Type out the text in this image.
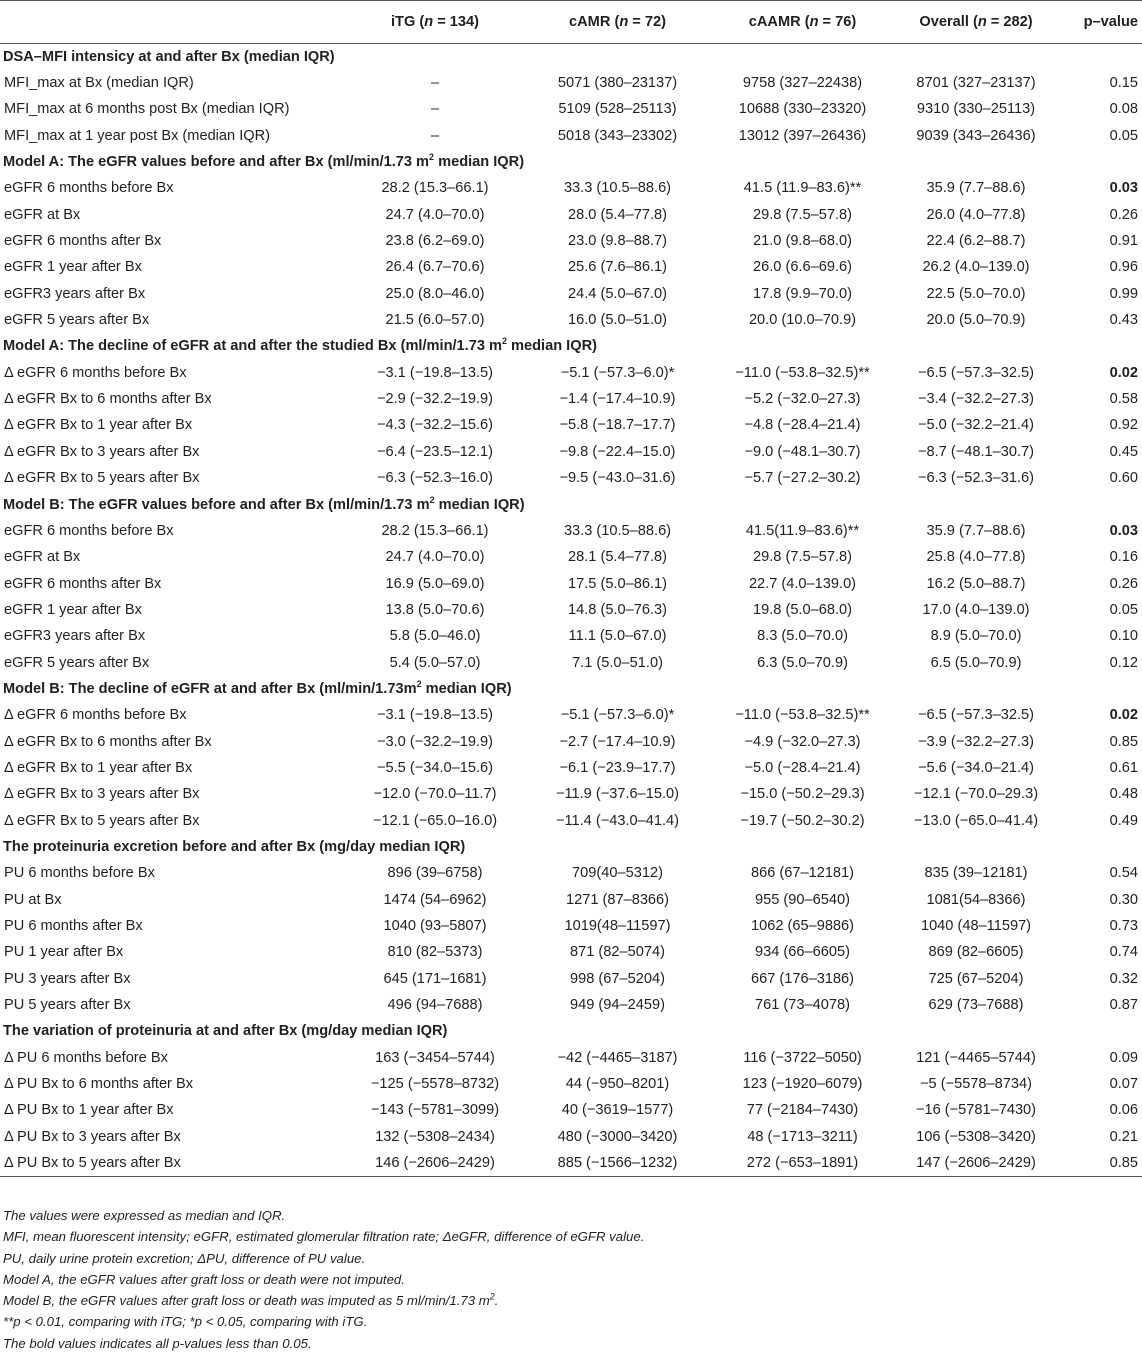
	iTG (n = 134)	cAMR (n = 72)	cAAMR (n = 76)	Overall (n = 282)	p–value
DSA–MFI intensicy at and after Bx (median IQR)					
MFI_max at Bx (median IQR)	–	5071 (380–23137)	9758 (327–22438)	8701 (327–23137)	0.15
MFI_max at 6 months post Bx (median IQR)	–	5109 (528–25113)	10688 (330–23320)	9310 (330–25113)	0.08
MFI_max at 1 year post Bx (median IQR)	–	5018 (343–23302)	13012 (397–26436)	9039 (343–26436)	0.05
Model A: The eGFR values before and after Bx (ml/min/1.73 $m^2$ median IQR)					
eGFR 6 months before Bx	28.2 (15.3–66.1)	33.3 (10.5–88.6)	41.5 (11.9–83.6)**	35.9 (7.7–88.6)	0.03
eGFR at Bx	24.7 (4.0–70.0)	28.0 (5.4–77.8)	29.8 (7.5–57.8)	26.0 (4.0–77.8)	0.26
eGFR 6 months after Bx	23.8 (6.2–69.0)	23.0 (9.8–88.7)	21.0 (9.8–68.0)	22.4 (6.2–88.7)	0.91
eGFR 1 year after Bx	26.4 (6.7–70.6)	25.6 (7.6–86.1)	26.0 (6.6–69.6)	26.2 (4.0–139.0)	0.96
eGFR3 years after Bx	25.0 (8.0–46.0)	24.4 (5.0–67.0)	17.8 (9.9–70.0)	22.5 (5.0–70.0)	0.99
eGFR 5 years after Bx	21.5 (6.0–57.0)	16.0 (5.0–51.0)	20.0 (10.0–70.9)	20.0 (5.0–70.9)	0.43
Model A: The decline of eGFR at and after the studied Bx (ml/min/1.73 $m^2$ median IQR)					
Δ eGFR 6 months before Bx	−3.1 (−19.8–13.5)	−5.1 (−57.3–6.0)*	−11.0 (−53.8–32.5)**	−6.5 (−57.3–32.5)	0.02
Δ eGFR Bx to 6 months after Bx	−2.9 (−32.2–19.9)	−1.4 (−17.4–10.9)	−5.2 (−32.0–27.3)	−3.4 (−32.2–27.3)	0.58
Δ eGFR Bx to 1 year after Bx	−4.3 (−32.2–15.6)	−5.8 (−18.7–17.7)	−4.8 (−28.4–21.4)	−5.0 (−32.2–21.4)	0.92
Δ eGFR Bx to 3 years after Bx	−6.4 (−23.5–12.1)	−9.8 (−22.4–15.0)	−9.0 (−48.1–30.7)	−8.7 (−48.1–30.7)	0.45
Δ eGFR Bx to 5 years after Bx	−6.3 (−52.3–16.0)	−9.5 (−43.0–31.6)	−5.7 (−27.2–30.2)	−6.3 (−52.3–31.6)	0.60
Model B: The eGFR values before and after Bx (ml/min/1.73 $m^2$ median IQR)					
eGFR 6 months before Bx	28.2 (15.3–66.1)	33.3 (10.5–88.6)	41.5(11.9–83.6)**	35.9 (7.7–88.6)	0.03
eGFR at Bx	24.7 (4.0–70.0)	28.1 (5.4–77.8)	29.8 (7.5–57.8)	25.8 (4.0–77.8)	0.16
eGFR 6 months after Bx	16.9 (5.0–69.0)	17.5 (5.0–86.1)	22.7 (4.0–139.0)	16.2 (5.0–88.7)	0.26
eGFR 1 year after Bx	13.8 (5.0–70.6)	14.8 (5.0–76.3)	19.8 (5.0–68.0)	17.0 (4.0–139.0)	0.05
eGFR3 years after Bx	5.8 (5.0–46.0)	11.1 (5.0–67.0)	8.3 (5.0–70.0)	8.9 (5.0–70.0)	0.10
eGFR 5 years after Bx	5.4 (5.0–57.0)	7.1 (5.0–51.0)	6.3 (5.0–70.9)	6.5 (5.0–70.9)	0.12
Model B: The decline of eGFR at and after Bx ($ml/\min/1.73m^2$ median IQR)					
Δ eGFR 6 months before Bx	−3.1 (−19.8–13.5)	−5.1 (−57.3–6.0)*	−11.0 (−53.8–32.5)**	−6.5 (−57.3–32.5)	0.02
Δ eGFR Bx to 6 months after Bx	−3.0 (−32.2–19.9)	−2.7 (−17.4–10.9)	−4.9 (−32.0–27.3)	−3.9 (−32.2–27.3)	0.85
Δ eGFR Bx to 1 year after Bx	−5.5 (−34.0–15.6)	−6.1 (−23.9–17.7)	−5.0 (−28.4–21.4)	−5.6 (−34.0–21.4)	0.61
Δ eGFR Bx to 3 years after Bx	−12.0 (−70.0–11.7)	−11.9 (−37.6–15.0)	−15.0 (−50.2–29.3)	−12.1 (−70.0–29.3)	0.48
Δ eGFR Bx to 5 years after Bx	−12.1 (−65.0–16.0)	−11.4 (−43.0–41.4)	−19.7 (−50.2–30.2)	−13.0 (−65.0–41.4)	0.49
The proteinuria excretion before and after Bx (mg/day median IQR)					
PU 6 months before Bx	896 (39–6758)	709(40–5312)	866 (67–12181)	835 (39–12181)	0.54
PU at Bx	1474 (54–6962)	1271 (87–8366)	955 (90–6540)	1081(54–8366)	0.30
PU 6 months after Bx	1040 (93–5807)	1019(48–11597)	1062 (65–9886)	1040 (48–11597)	0.73
PU 1 year after Bx	810 (82–5373)	871 (82–5074)	934 (66–6605)	869 (82–6605)	0.74
PU 3 years after Bx	645 (171–1681)	998 (67–5204)	667 (176–3186)	725 (67–5204)	0.32
PU 5 years after Bx	496 (94–7688)	949 (94–2459)	761 (73–4078)	629 (73–7688)	0.87
The variation of proteinuria at and after Bx (mg/day median IQR)					
Δ PU 6 months before Bx	163 (−3454–5744)	−42 (−4465–3187)	116 (−3722–5050)	121 (−4465–5744)	0.09
Δ PU Bx to 6 months after Bx	−125 (−5578–8732)	44 (−950–8201)	123 (−1920–6079)	−5 (−5578–8734)	0.07
Δ PU Bx to 1 year after Bx	−143 (−5781–3099)	40 (−3619–1577)	77 (−2184–7430)	−16 (−5781–7430)	0.06
Δ PU Bx to 3 years after Bx	132 (−5308–2434)	480 (−3000–3420)	48 (−1713–3211)	106 (−5308–3420)	0.21
Δ PU Bx to 5 years after Bx	146 (−2606–2429)	885 (−1566–1232)	272 (−653–1891)	147 (−2606–2429)	0.85
The values were expressed as median and IQR.
MFI, mean fluorescent intensity; eGFR, estimated glomerular filtration rate; ΔeGFR, difference of eGFR value.
PU, daily urine protein excretion; ΔPU, difference of PU value.
Model A, the eGFR values after graft loss or death were not imputed.
Model B, the eGFR values after graft loss or death was imputed as 5 ml/min/1.73 $m^2$.
**p < 0.01, comparing with iTG; *p < 0.05, comparing with iTG.
The bold values indicates all p-values less than 0.05.
